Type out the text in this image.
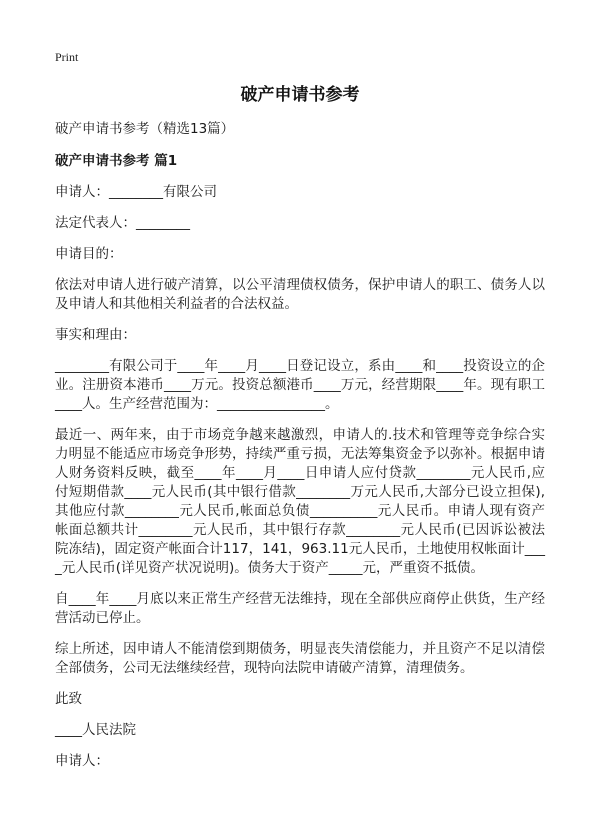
Print
破产申请书参考

破产申请书参考（精选13篇）

破产申请书参考 篇1

申请人：________有限公司

法定代表人：________

申请目的：

依法对申请人进行破产清算，以公平清理债权债务，保护申请人的职工、债务人以及申请人和其他相关利益者的合法权益。

事实和理由：

________有限公司于____年____月____日登记设立，系由____和____投资设立的企业。注册资本港币____万元。投资总额港币____万元，经营期限____年。现有职工____人。生产经营范围为：________________。

最近一、两年来，由于市场竞争越来越激烈，申请人的.技术和管理等竞争综合实力明显不能适应市场竞争形势，持续严重亏损，无法筹集资金予以弥补。根据申请人财务资料反映，截至____年____月____日申请人应付贷款________元人民币,应付短期借款____元人民币(其中银行借款________万元人民币,大部分已设立担保),其他应付款________元人民币,帐面总负债__________元人民币。申请人现有资产帐面总额共计________元人民币，其中银行存款________元人民币(已因诉讼被法院冻结)，固定资产帐面合计117，141，963.11元人民币，土地使用权帐面计____元人民币(详见资产状况说明)。债务大于资产_____元，严重资不抵债。

自____年____月底以来正常生产经营无法维持，现在全部供应商停止供货，生产经营活动已停止。

综上所述，因申请人不能清偿到期债务，明显丧失清偿能力，并且资产不足以清偿全部债务，公司无法继续经营，现特向法院申请破产清算，清理债务。

此致

____人民法院

申请人：
